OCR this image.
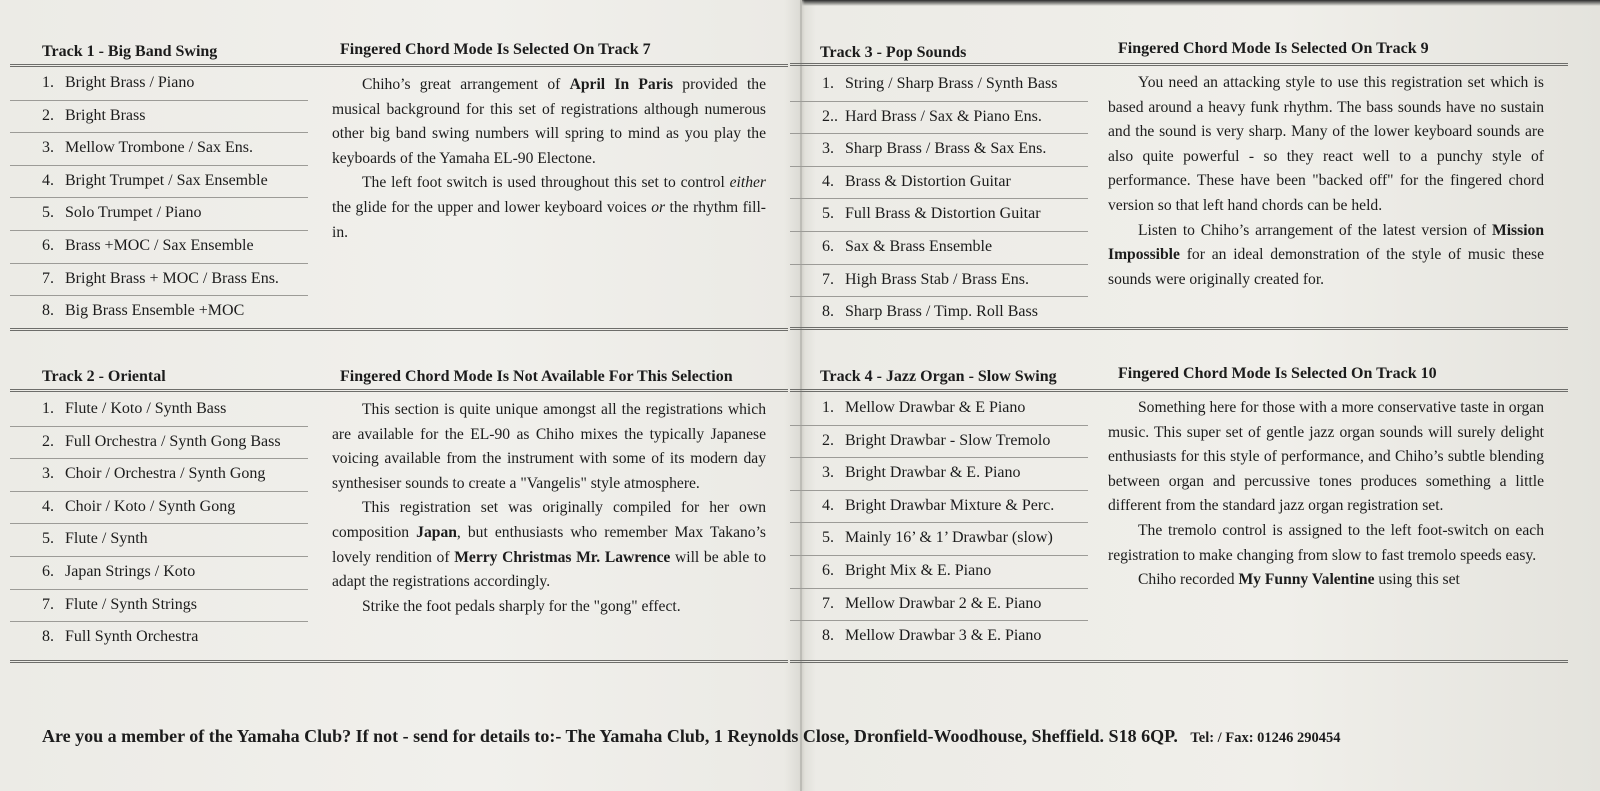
Track 1 - Big Band Swing	Fingered Chord Mode Is Selected On Track 7
1. Bright Brass / Piano
2. Bright Brass
3. Mellow Trombone / Sax Ens.
4. Bright Trumpet / Sax Ensemble
5. Solo Trumpet / Piano
6. Brass +MOC / Sax Ensemble
7. Bright Brass + MOC / Brass Ens.
8. Big Brass Ensemble +MOC

Chiho’s great arrangement of April In Paris provided the musical background for this set of registrations although numerous other big band swing numbers will spring to mind as you play the keyboards of the Yamaha EL-90 Electone.

The left foot switch is used throughout this set to control either the glide for the upper and lower keyboard voices or the rhythm fill-in.

Track 3 - Pop Sounds	Fingered Chord Mode Is Selected On Track 9
1. String / Sharp Brass / Synth Bass
2.. Hard Brass / Sax & Piano Ens.
3. Sharp Brass / Brass & Sax Ens.
4. Brass & Distortion Guitar
5. Full Brass & Distortion Guitar
6. Sax & Brass Ensemble
7. High Brass Stab / Brass Ens.
8. Sharp Brass / Timp. Roll Bass

You need an attacking style to use this registration set which is based around a heavy funk rhythm. The bass sounds have no sustain and the sound is very sharp. Many of the lower keyboard sounds are also quite powerful - so they react well to a punchy style of performance. These have been "backed off" for the fingered chord version so that left hand chords can be held.

Listen to Chiho’s arrangement of the latest version of Mission Impossible for an ideal demonstration of the style of music these sounds were originally created for.

Track 2 - Oriental	Fingered Chord Mode Is Not Available For This Selection
1. Flute / Koto / Synth Bass
2. Full Orchestra / Synth Gong Bass
3. Choir / Orchestra / Synth Gong
4. Choir / Koto / Synth Gong
5. Flute / Synth
6. Japan Strings / Koto
7. Flute / Synth Strings
8. Full Synth Orchestra

This section is quite unique amongst all the registrations which are available for the EL-90 as Chiho mixes the typically Japanese voicing available from the instrument with some of its modern day synthesiser sounds to create a "Vangelis" style atmosphere.

This registration set was originally compiled for her own composition Japan, but enthusiasts who remember Max Takano’s lovely rendition of Merry Christmas Mr. Lawrence will be able to adapt the registrations accordingly.

Strike the foot pedals sharply for the "gong" effect.

Track 4 - Jazz Organ - Slow Swing	Fingered Chord Mode Is Selected On Track 10
1. Mellow Drawbar & E Piano
2. Bright Drawbar - Slow Tremolo
3. Bright Drawbar & E. Piano
4. Bright Drawbar Mixture & Perc.
5. Mainly 16’ & 1’ Drawbar (slow)
6. Bright Mix & E. Piano
7. Mellow Drawbar 2 & E. Piano
8. Mellow Drawbar 3 & E. Piano

Something here for those with a more conservative taste in organ music. This super set of gentle jazz organ sounds will surely delight enthusiasts for this style of performance, and Chiho’s subtle blending between organ and percussive tones produces something a little different from the standard jazz organ registration set.

The tremolo control is assigned to the left foot-switch on each registration to make changing from slow to fast tremolo speeds easy.

Chiho recorded My Funny Valentine using this set

Are you a member of the Yamaha Club? If not - send for details to:- The Yamaha Club, 1 Reynolds Close, Dronfield-Woodhouse, Sheffield. S18 6QP. Tel: / Fax: 01246 290454
